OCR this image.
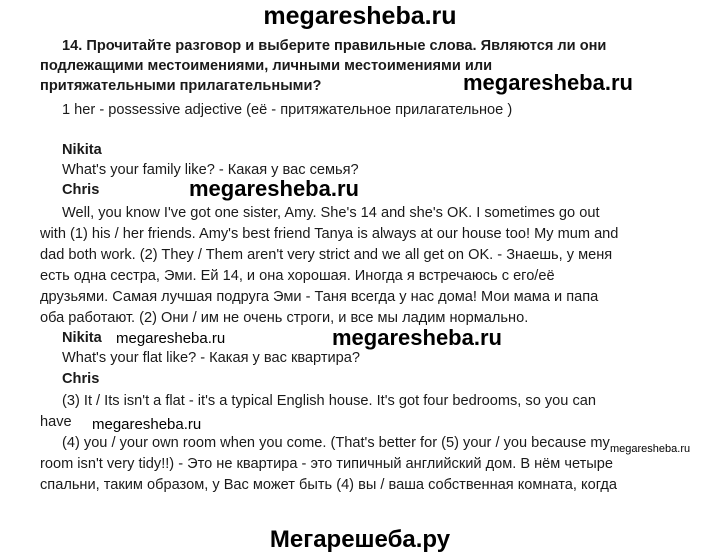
megaresheba.ru
megaresheba.ru
megaresheba.ru
megaresheba.ru	megaresheba.ru
megaresheba.ru
megaresheba.ru
Мегарешеба.ру
14. Прочитайте разговор и выберите правильные слова. Являются ли они
подлежащими местоимениями, личными местоимениями или
притяжательными прилагательными?
1 her - possessive adjective (её - притяжательное прилагательное )
Nikita
What's your family like? - Какая у вас семья?
Chris
Well, you know I've got one sister, Amy. She's 14 and she's OK. I sometimes go out
with (1) his / her friends. Amy's best friend Tanya is always at our house too! My mum and
dad both work. (2) They / Them aren't very strict and we all get on OK. - Знаешь, у меня
есть одна сестра, Эми. Ей 14, и она хорошая. Иногда я встречаюсь с его/её
друзьями. Самая лучшая подруга Эми - Таня всегда у нас дома! Мои мама и папа
оба работают. (2) Они / им не очень строги, и все мы ладим нормально.
Nikita
What's your flat like? - Какая у вас квартира?
Chris
(3) It / Its isn't a flat - it's a typical English house. It's got four bedrooms, so you can
have
(4) you / your own room when you come. (That's better for (5) your / you because my
room isn't very tidy!!) - Это не квартира - это типичный английский дом. В нём четыре
спальни, таким образом, у Вас может быть (4) вы / ваша собственная комната, когда
